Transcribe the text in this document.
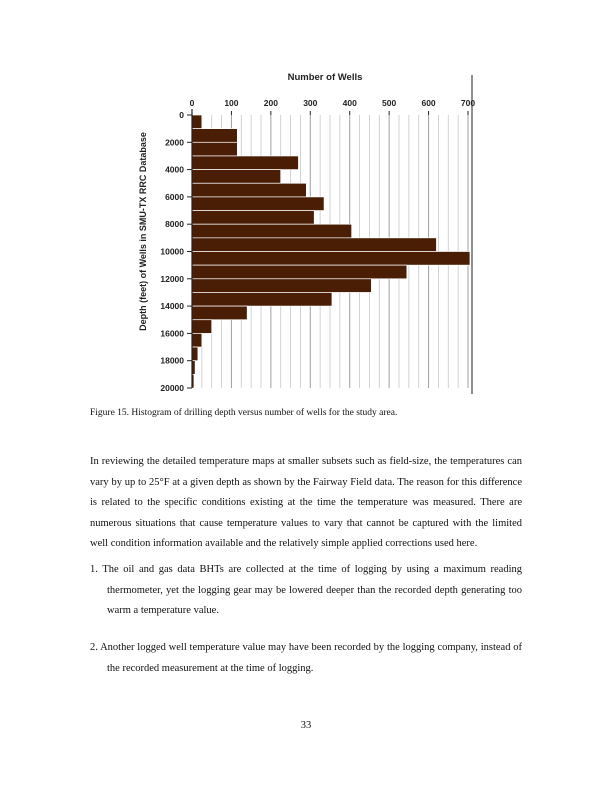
0	100	200	300	400	500	600	700
0
2000
4000
6000
8000
10000
12000
14000
16000
18000
20000
Number of Wells
Depth (feet) of Wells in SMU-TX RRC Database
Figure 15. Histogram of drilling depth versus number of wells for the study area.

In reviewing the detailed temperature maps at smaller subsets such as field-size, the temperatures can vary by up to 25°F at a given depth as shown by the Fairway Field data. The reason for this difference is related to the specific conditions existing at the time the temperature was measured. There are numerous situations that cause temperature values to vary that cannot be captured with the limited well condition information available and the relatively simple applied corrections used here.

1. The oil and gas data BHTs are collected at the time of logging by using a maximum reading thermometer, yet the logging gear may be lowered deeper than the recorded depth generating too warm a temperature value.

2. Another logged well temperature value may have been recorded by the logging company, instead of the recorded measurement at the time of logging.

33
